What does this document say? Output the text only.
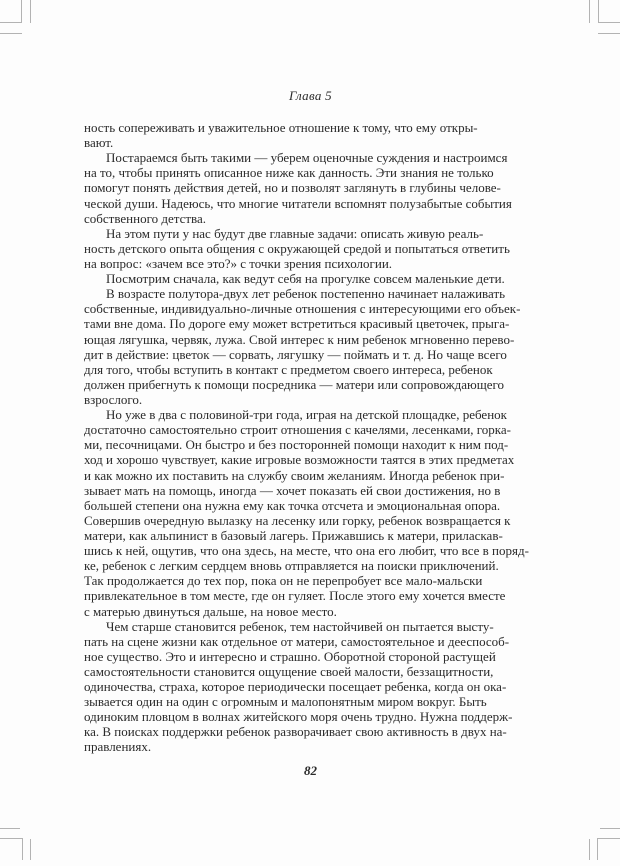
Глава 5
ность сопереживать и уважительное отношение к тому, что ему откры-
вают.
Постараемся быть такими — уберем оценочные суждения и настроимся
на то, чтобы принять описанное ниже как данность. Эти знания не только
помогут понять действия детей, но и позволят заглянуть в глубины челове-
ческой души. Надеюсь, что многие читатели вспомнят полузабытые события
собственного детства.
На этом пути у нас будут две главные задачи: описать живую реаль-
ность детского опыта общения с окружающей средой и попытаться ответить
на вопрос: «зачем все это?» с точки зрения психологии.
Посмотрим сначала, как ведут себя на прогулке совсем маленькие дети.
В возрасте полутора-двух лет ребенок постепенно начинает налаживать
собственные, индивидуально-личные отношения с интересующими его объек-
тами вне дома. По дороге ему может встретиться красивый цветочек, прыга-
ющая лягушка, червяк, лужа. Свой интерес к ним ребенок мгновенно перево-
дит в действие: цветок — сорвать, лягушку — поймать и т. д. Но чаще всего
для того, чтобы вступить в контакт с предметом своего интереса, ребенок
должен прибегнуть к помощи посредника — матери или сопровождающего
взрослого.
Но уже в два с половиной-три года, играя на детской площадке, ребенок
достаточно самостоятельно строит отношения с качелями, лесенками, горка-
ми, песочницами. Он быстро и без посторонней помощи находит к ним под-
ход и хорошо чувствует, какие игровые возможности таятся в этих предметах
и как можно их поставить на службу своим желаниям. Иногда ребенок при-
зывает мать на помощь, иногда — хочет показать ей свои достижения, но в
большей степени она нужна ему как точка отсчета и эмоциональная опора.
Совершив очередную вылазку на лесенку или горку, ребенок возвращается к
матери, как альпинист в базовый лагерь. Прижавшись к матери, приласкав-
шись к ней, ощутив, что она здесь, на месте, что она его любит, что все в поряд-
ке, ребенок с легким сердцем вновь отправляется на поиски приключений.
Так продолжается до тех пор, пока он не перепробует все мало-мальски
привлекательное в том месте, где он гуляет. После этого ему хочется вместе
с матерью двинуться дальше, на новое место.
Чем старше становится ребенок, тем настойчивей он пытается высту-
пать на сцене жизни как отдельное от матери, самостоятельное и дееспособ-
ное существо. Это и интересно и страшно. Оборотной стороной растущей
самостоятельности становится ощущение своей малости, беззащитности,
одиночества, страха, которое периодически посещает ребенка, когда он ока-
зывается один на один с огромным и малопонятным миром вокруг. Быть
одиноким пловцом в волнах житейского моря очень трудно. Нужна поддерж-
ка. В поисках поддержки ребенок разворачивает свою активность в двух на-
правлениях.
82
